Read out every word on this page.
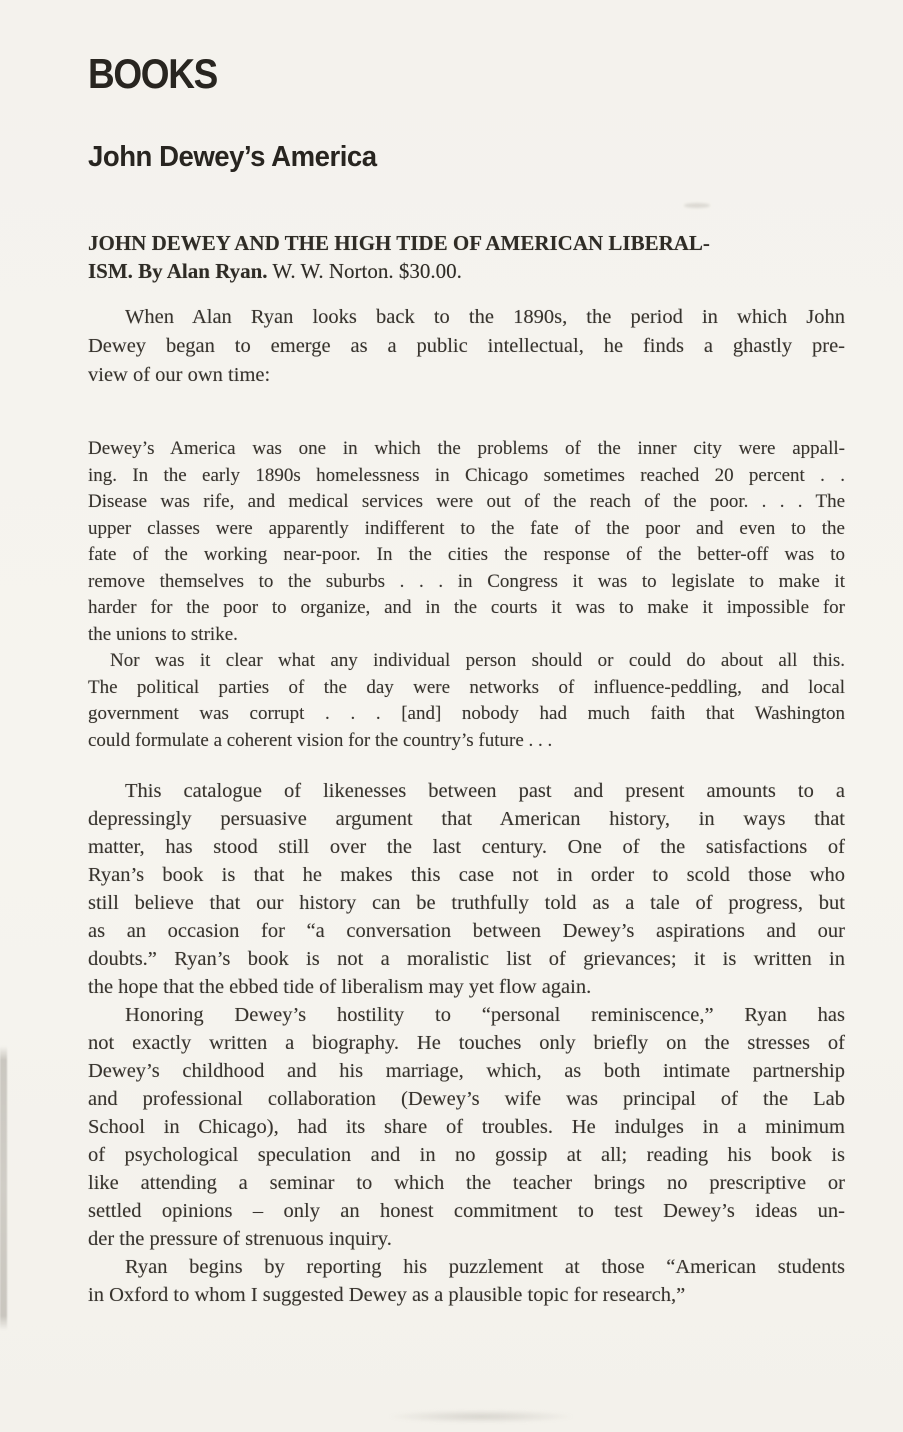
BOOKS
John Dewey’s America
JOHN DEWEY AND THE HIGH TIDE OF AMERICAN LIBERAL-
ISM. By Alan Ryan. W. W. Norton. $30.00.
When Alan Ryan looks back to the 1890s, the period in which John
Dewey began to emerge as a public intellectual, he finds a ghastly pre-
view of our own time:
Dewey’s America was one in which the problems of the inner city were appall-
ing. In the early 1890s homelessness in Chicago sometimes reached 20 percent . .
Disease was rife, and medical services were out of the reach of the poor. . . . The
upper classes were apparently indifferent to the fate of the poor and even to the
fate of the working near-poor. In the cities the response of the better-off was to
remove themselves to the suburbs . . . in Congress it was to legislate to make it
harder for the poor to organize, and in the courts it was to make it impossible for
the unions to strike.
Nor was it clear what any individual person should or could do about all this.
The political parties of the day were networks of influence-peddling, and local
government was corrupt . . . [and] nobody had much faith that Washington
could formulate a coherent vision for the country’s future . . .
This catalogue of likenesses between past and present amounts to a
depressingly persuasive argument that American history, in ways that
matter, has stood still over the last century. One of the satisfactions of
Ryan’s book is that he makes this case not in order to scold those who
still believe that our history can be truthfully told as a tale of progress, but
as an occasion for “a conversation between Dewey’s aspirations and our
doubts.” Ryan’s book is not a moralistic list of grievances; it is written in
the hope that the ebbed tide of liberalism may yet flow again.
Honoring Dewey’s hostility to “personal reminiscence,” Ryan has
not exactly written a biography. He touches only briefly on the stresses of
Dewey’s childhood and his marriage, which, as both intimate partnership
and professional collaboration (Dewey’s wife was principal of the Lab
School in Chicago), had its share of troubles. He indulges in a minimum
of psychological speculation and in no gossip at all; reading his book is
like attending a seminar to which the teacher brings no prescriptive or
settled opinions – only an honest commitment to test Dewey’s ideas un-
der the pressure of strenuous inquiry.
Ryan begins by reporting his puzzlement at those “American students
in Oxford to whom I suggested Dewey as a plausible topic for research,”
